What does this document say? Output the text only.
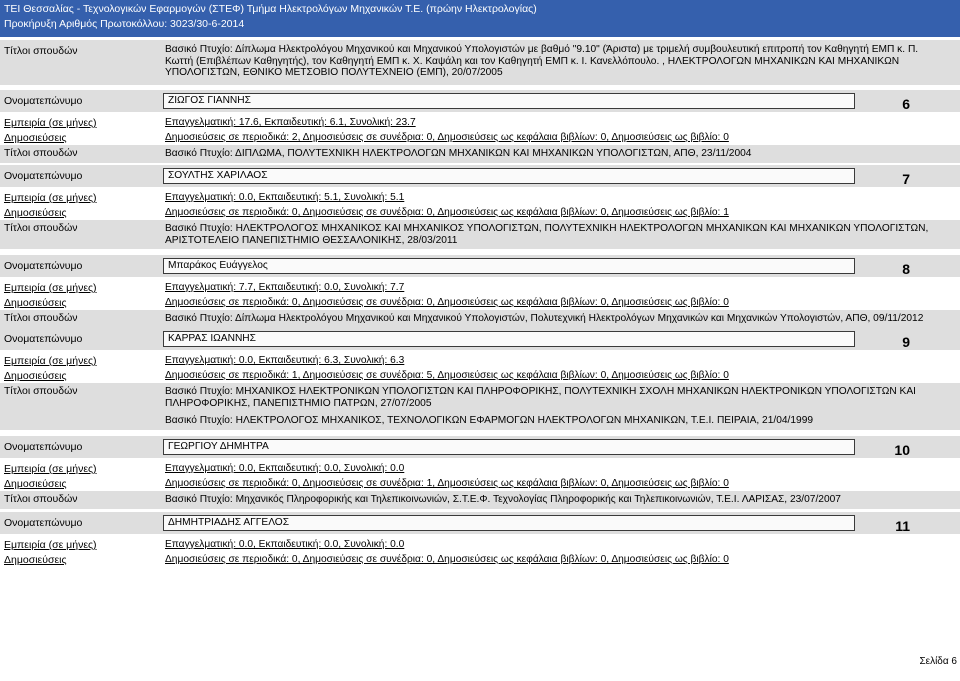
ΤΕΙ Θεσσαλίας - Τεχνολογικών Εφαρμογών (ΣΤΕΦ) Τμήμα Ηλεκτρολόγων Μηχανικών Τ.Ε. (πρώην Ηλεκτρολογίας)
Προκήρυξη Αριθμός Πρωτοκόλλου: 3023/30-6-2014
Τίτλοι σπουδών	Βασικό Πτυχίο: Δίπλωμα Ηλεκτρολόγου Μηχανικού και Μηχανικού Υπολογιστών με βαθμό "9.10" (Άριστα) με τριμελή συμβουλευτική επιτροπή τον Καθηγητή ΕΜΠ κ. Π. Κωττή (Επιβλέπων Καθηγητής), τον Καθηγητή ΕΜΠ κ. Χ. Καψάλη και τον Καθηγητή ΕΜΠ κ. Ι. Κανελλόπουλο. , ΗΛΕΚΤΡΟΛΟΓΩΝ ΜΗΧΑΝΙΚΩΝ ΚΑΙ ΜΗΧΑΝΙΚΩΝ ΥΠΟΛΟΓΙΣΤΩΝ, ΕΘΝΙΚΟ ΜΕΤΣΟΒΙΟ ΠΟΛΥΤΕΧΝΕΙΟ (ΕΜΠ), 20/07/2005
Ονοματεπώνυμο	ΖΙΩΓΟΣ ΓΙΑΝΝΗΣ	6
Εμπειρία (σε μήνες)	Επαγγελματική: 17.6, Εκπαιδευτική: 6.1, Συνολική: 23.7
Δημοσιεύσεις	Δημοσιεύσεις σε περιοδικά: 2, Δημοσιεύσεις σε συνέδρια: 0, Δημοσιεύσεις ως κεφάλαια βιβλίων: 0, Δημοσιεύσεις ως βιβλίο: 0
Τίτλοι σπουδών	Βασικό Πτυχίο: ΔΙΠΛΩΜΑ, ΠΟΛΥΤΕΧΝΙΚΗ ΗΛΕΚΤΡΟΛΟΓΩΝ ΜΗΧΑΝΙΚΩΝ ΚΑΙ ΜΗΧΑΝΙΚΩΝ ΥΠΟΛΟΓΙΣΤΩΝ, ΑΠΘ, 23/11/2004
Ονοματεπώνυμο	ΣΟΥΛΤΗΣ ΧΑΡΙΛΑΟΣ	7
Εμπειρία (σε μήνες)	Επαγγελματική: 0.0, Εκπαιδευτική: 5.1, Συνολική: 5.1
Δημοσιεύσεις	Δημοσιεύσεις σε περιοδικά: 0, Δημοσιεύσεις σε συνέδρια: 0, Δημοσιεύσεις ως κεφάλαια βιβλίων: 0, Δημοσιεύσεις ως βιβλίο: 1
Τίτλοι σπουδών	Βασικό Πτυχίο: ΗΛΕΚΤΡΟΛΟΓΟΣ ΜΗΧΑΝΙΚΟΣ ΚΑΙ ΜΗΧΑΝΙΚΟΣ ΥΠΟΛΟΓΙΣΤΩΝ, ΠΟΛΥΤΕΧΝΙΚΗ ΗΛΕΚΤΡΟΛΟΓΩΝ ΜΗΧΑΝΙΚΩΝ ΚΑΙ ΜΗΧΑΝΙΚΩΝ ΥΠΟΛΟΓΙΣΤΩΝ, ΑΡΙΣΤΟΤΕΛΕΙΟ ΠΑΝΕΠΙΣΤΗΜΙΟ ΘΕΣΣΑΛΟΝΙΚΗΣ, 28/03/2011
Ονοματεπώνυμο	Μπαράκος Ευάγγελος	8
Εμπειρία (σε μήνες)	Επαγγελματική: 7.7, Εκπαιδευτική: 0.0, Συνολική: 7.7
Δημοσιεύσεις	Δημοσιεύσεις σε περιοδικά: 0, Δημοσιεύσεις σε συνέδρια: 0, Δημοσιεύσεις ως κεφάλαια βιβλίων: 0, Δημοσιεύσεις ως βιβλίο: 0
Τίτλοι σπουδών	Βασικό Πτυχίο: Δίπλωμα Ηλεκτρολόγου Μηχανικού και Μηχανικού Υπολογιστών, Πολυτεχνική Ηλεκτρολόγων Μηχανικών και Μηχανικών Υπολογιστών, ΑΠΘ, 09/11/2012
Ονοματεπώνυμο	ΚΑΡΡΑΣ ΙΩΑΝΝΗΣ	9
Εμπειρία (σε μήνες)	Επαγγελματική: 0.0, Εκπαιδευτική: 6.3, Συνολική: 6.3
Δημοσιεύσεις	Δημοσιεύσεις σε περιοδικά: 1, Δημοσιεύσεις σε συνέδρια: 5, Δημοσιεύσεις ως κεφάλαια βιβλίων: 0, Δημοσιεύσεις ως βιβλίο: 0
Τίτλοι σπουδών	Βασικό Πτυχίο: ΜΗΧΑΝΙΚΟΣ ΗΛΕΚΤΡΟΝΙΚΩΝ ΥΠΟΛΟΓΙΣΤΩΝ ΚΑΙ ΠΛΗΡΟΦΟΡΙΚΗΣ, ΠΟΛΥΤΕΧΝΙΚΗ ΣΧΟΛΗ ΜΗΧΑΝΙΚΩΝ ΗΛΕΚΤΡΟΝΙΚΩΝ ΥΠΟΛΟΓΙΣΤΩΝ ΚΑΙ ΠΛΗΡΟΦΟΡΙΚΗΣ, ΠΑΝΕΠΙΣΤΗΜΙΟ ΠΑΤΡΩΝ, 27/07/2005
Βασικό Πτυχίο: ΗΛΕΚΤΡΟΛΟΓΟΣ ΜΗΧΑΝΙΚΟΣ, ΤΕΧΝΟΛΟΓΙΚΩΝ ΕΦΑΡΜΟΓΩΝ ΗΛΕΚΤΡΟΛΟΓΩΝ ΜΗΧΑΝΙΚΩΝ, Τ.Ε.Ι. ΠΕΙΡΑΙΑ, 21/04/1999
Ονοματεπώνυμο	ΓΕΩΡΓΙΟΥ ΔΗΜΗΤΡΑ	10
Εμπειρία (σε μήνες)	Επαγγελματική: 0.0, Εκπαιδευτική: 0.0, Συνολική: 0.0
Δημοσιεύσεις	Δημοσιεύσεις σε περιοδικά: 0, Δημοσιεύσεις σε συνέδρια: 1, Δημοσιεύσεις ως κεφάλαια βιβλίων: 0, Δημοσιεύσεις ως βιβλίο: 0
Τίτλοι σπουδών	Βασικό Πτυχίο: Μηχανικός Πληροφορικής και Τηλεπικοινωνιών, Σ.Τ.Ε.Φ. Τεχνολογίας Πληροφορικής και Τηλεπικοινωνιών, Τ.Ε.Ι. ΛΑΡΙΣΑΣ, 23/07/2007
Ονοματεπώνυμο	ΔΗΜΗΤΡΙΑΔΗΣ ΑΓΓΕΛΟΣ	11
Εμπειρία (σε μήνες)	Επαγγελματική: 0.0, Εκπαιδευτική: 0.0, Συνολική: 0.0
Δημοσιεύσεις	Δημοσιεύσεις σε περιοδικά: 0, Δημοσιεύσεις σε συνέδρια: 0, Δημοσιεύσεις ως κεφάλαια βιβλίων: 0, Δημοσιεύσεις ως βιβλίο: 0
Σελίδα 6
